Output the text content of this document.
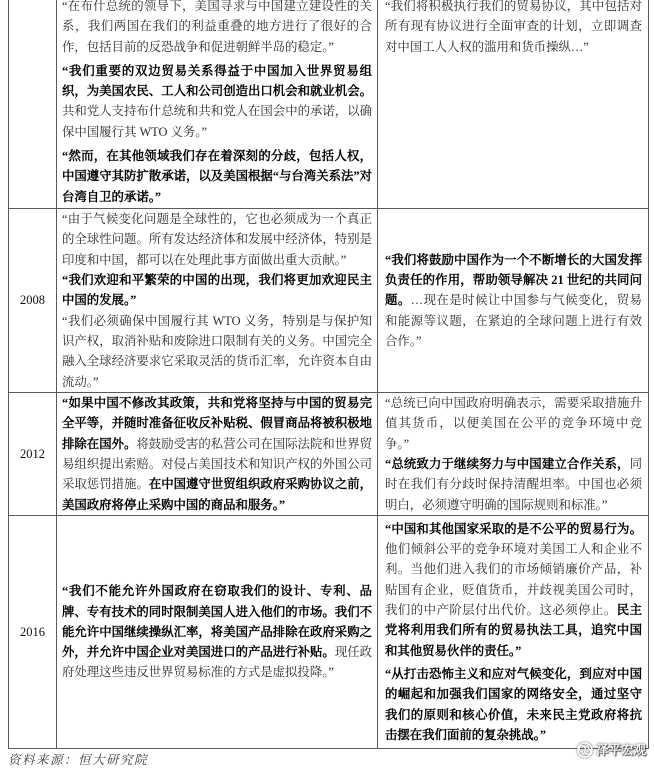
“在布什总统的领导下，美国寻求与中国建立建设性的关系，我们两国在我们的利益重叠的地方进行了很好的合作，包括目前的反恐战争和促进朝鲜半岛的稳定。”

“我们重要的双边贸易关系得益于中国加入世界贸易组织，为美国农民、工人和公司创造出口机会和就业机会。共和党人支持布什总统和共和党人在国会中的承诺，以确保中国履行其 WTO 义务。”

“然而，在其他领域我们存在着深刻的分歧，包括人权，中国遵守其防扩散承诺，以及美国根据“与台湾关系法”对台湾自卫的承诺。”

“我们将积极执行我们的贸易协议，其中包括对所有现有协议进行全面审查的计划，立即调查对中国工人人权的滥用和货币操纵…”

2008

“由于气候变化问题是全球性的，它也必须成为一个真正的全球性问题。所有发达经济体和发展中经济体，特别是印度和中国，都可以在处理此事方面做出重大贡献。”

“我们欢迎和平繁荣的中国的出现，我们将更加欢迎民主中国的发展。”

“我们必须确保中国履行其 WTO 义务，特别是与保护知识产权，取消补贴和废除进口限制有关的义务。中国完全融入全球经济要求它采取灵活的货币汇率，允许资本自由流动。”

“我们将鼓励中国作为一个不断增长的大国发挥负责任的作用，帮助领导解决 21 世纪的共同问题。…现在是时候让中国参与气候变化，贸易和能源等议题，在紧迫的全球问题上进行有效合作。”

2012

“如果中国不修改其政策，共和党将坚持与中国的贸易完全平等，并随时准备征收反补贴税、假冒商品将被积极地排除在国外。将鼓励受害的私营公司在国际法院和世界贸易组织提出索赔。对侵占美国技术和知识产权的外国公司采取惩罚措施。在中国遵守世贸组织政府采购协议之前，美国政府将停止采购中国的商品和服务。”

“总统已向中国政府明确表示，需要采取措施升值其货币，以便美国在公平的竞争环境中竞争。”

“总统致力于继续努力与中国建立合作关系，同时在我们有分歧时保持清醒坦率。中国也必须明白，必须遵守明确的国际规则和标准。”

2016

“我们不能允许外国政府在窃取我们的设计、专利、品牌、专有技术的同时限制美国人进入他们的市场。我们不能允许中国继续操纵汇率，将美国产品排除在政府采购之外，并允许中国企业对美国进口的产品进行补贴。现任政府处理这些违反世界贸易标准的方式是虚拟投降。”

“中国和其他国家采取的是不公平的贸易行为。他们倾斜公平的竞争环境对美国工人和企业不利。当他们进入我们的市场倾销廉价产品，补贴国有企业，贬值货币，并歧视美国公司时，我们的中产阶层付出代价。这必须停止。民主党将利用我们所有的贸易执法工具，追究中国和其他贸易伙伴的责任。”

“从打击恐怖主义和应对气候变化，到应对中国的崛起和加强我们国家的网络安全，通过坚守我们的原则和核心价值，未来民主党政府将抗击摆在我们面前的复杂挑战。”

资料来源：恒大研究院
泽平宏观
